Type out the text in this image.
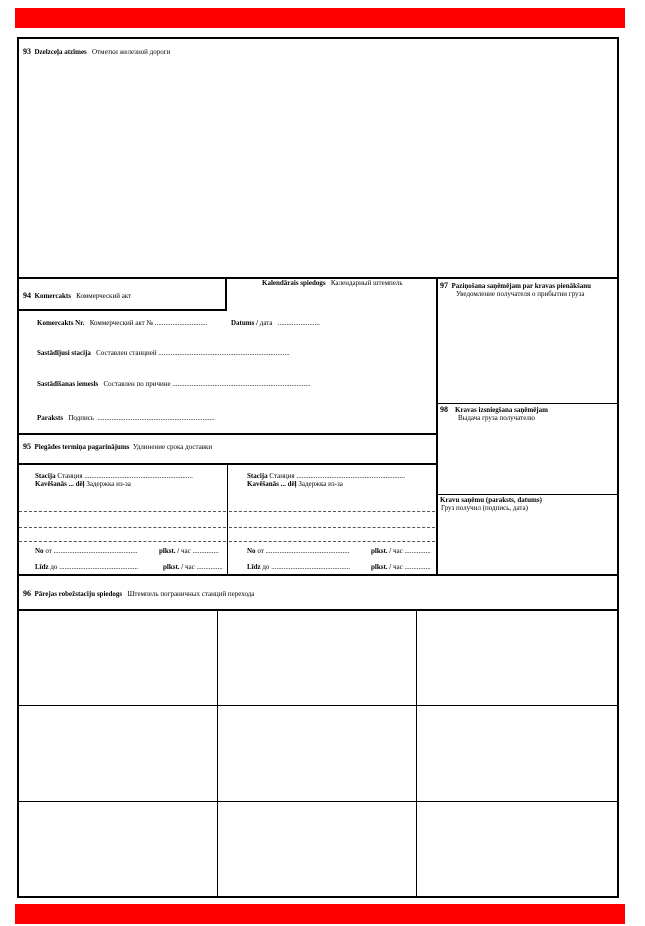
93 Dzelzceļa atzīmes Отметки железной дороги
94 Komercakts Коммерческий акт
Kalendārais spiedogs Календарный штемпель
Komercakts Nr. Коммерческий акт № ..............................	Datums / дата ........................
Sastādījusi stacija Составлен станцией ...........................................................................
Sastādīšanas iemesls Составлен по причине ...............................................................................
Paraksts Подпись ...................................................................
97 Paziņošana saņēmējam par kravas pienākšanu
Уведомление получателя о прибытии груза
98 Kravas izsniegšana saņēmējam
Выдача груза получателю
Kravu saņēmu (paraksts, datums)
Груз получил (подпись, дата)
95 Piegādes termiņa pagarinājums Удлинение срока доставки
Stacija Станция ..............................................................
Kavēšanās ... dēļ Задержка из-за
No от ................................................	plkst. / час ...............
Līdz до .............................................	plkst. / час ...............
Stacija Станция ..............................................................
Kavēšanās ... dēļ Задержка из-за
No от ................................................	plkst. / час ...............
Līdz до .............................................	plkst. / час ...............
96 Pārejas robežstaciju spiedogs Штемпель пограничных станций перехода
